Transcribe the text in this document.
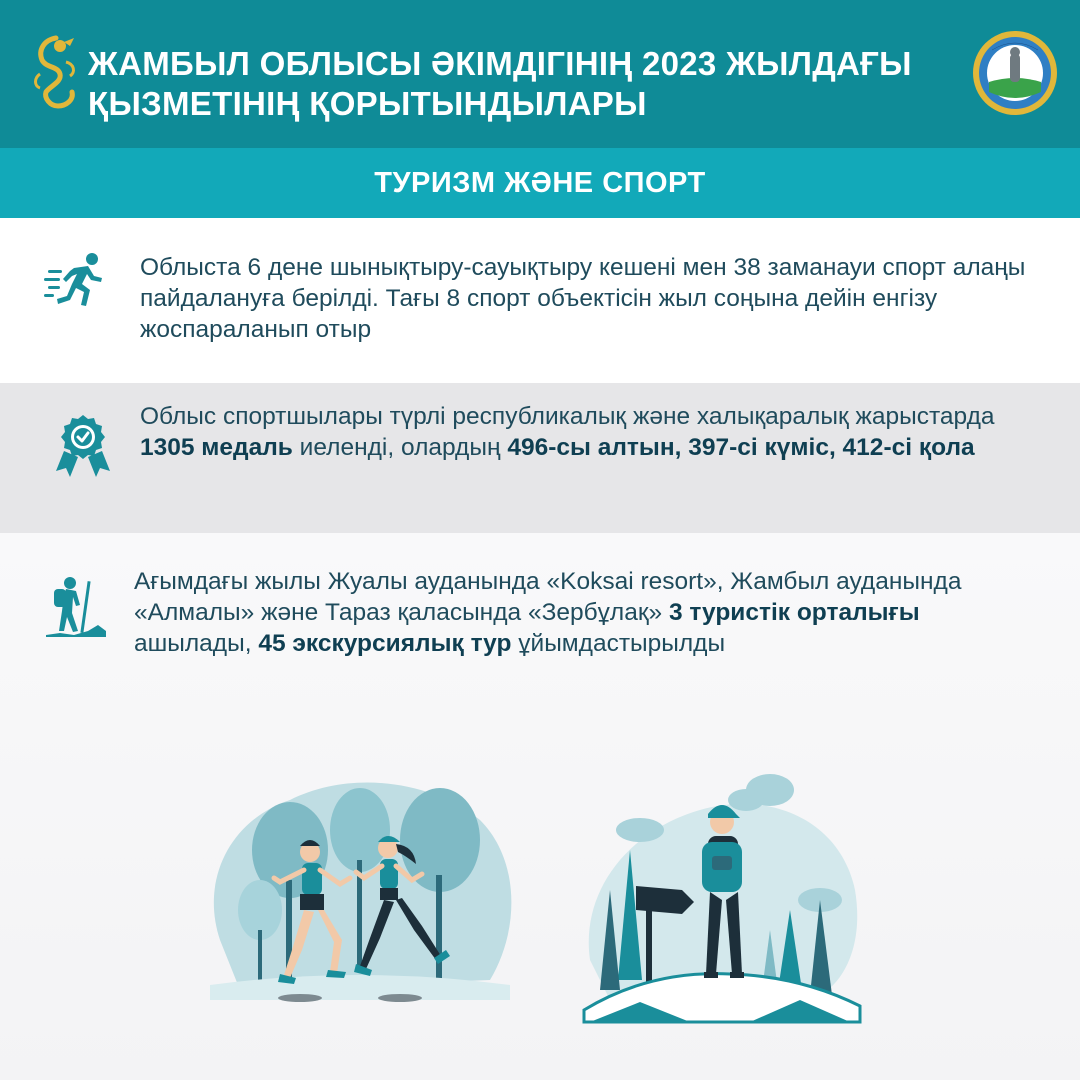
ЖАМБЫЛ ОБЛЫСЫ ӘКІМДІГІНІҢ 2023 ЖЫЛДАҒЫ
ҚЫЗМЕТІНІҢ ҚОРЫТЫНДЫЛАРЫ
ТУРИЗМ ЖӘНЕ СПОРТ
Облыста 6 дене шынықтыру-сауықтыру кешені мен 38 заманауи спорт алаңы пайдалануға берілді. Тағы 8 спорт объектісін жыл соңына дейін енгізу жоспараланып отыр
Облыс спортшылары түрлі республикалық және халықаралық жарыстарда 1305 медаль иеленді, олардың 496-сы алтын, 397-сі күміс, 412-сі қола
Ағымдағы жылы Жуалы ауданында «Koksai resort», Жамбыл ауданында «Алмалы» және Тараз қаласында «Зербұлақ» 3 туристік орталығы ашылады, 45 экскурсиялық тур ұйымдастырылды
